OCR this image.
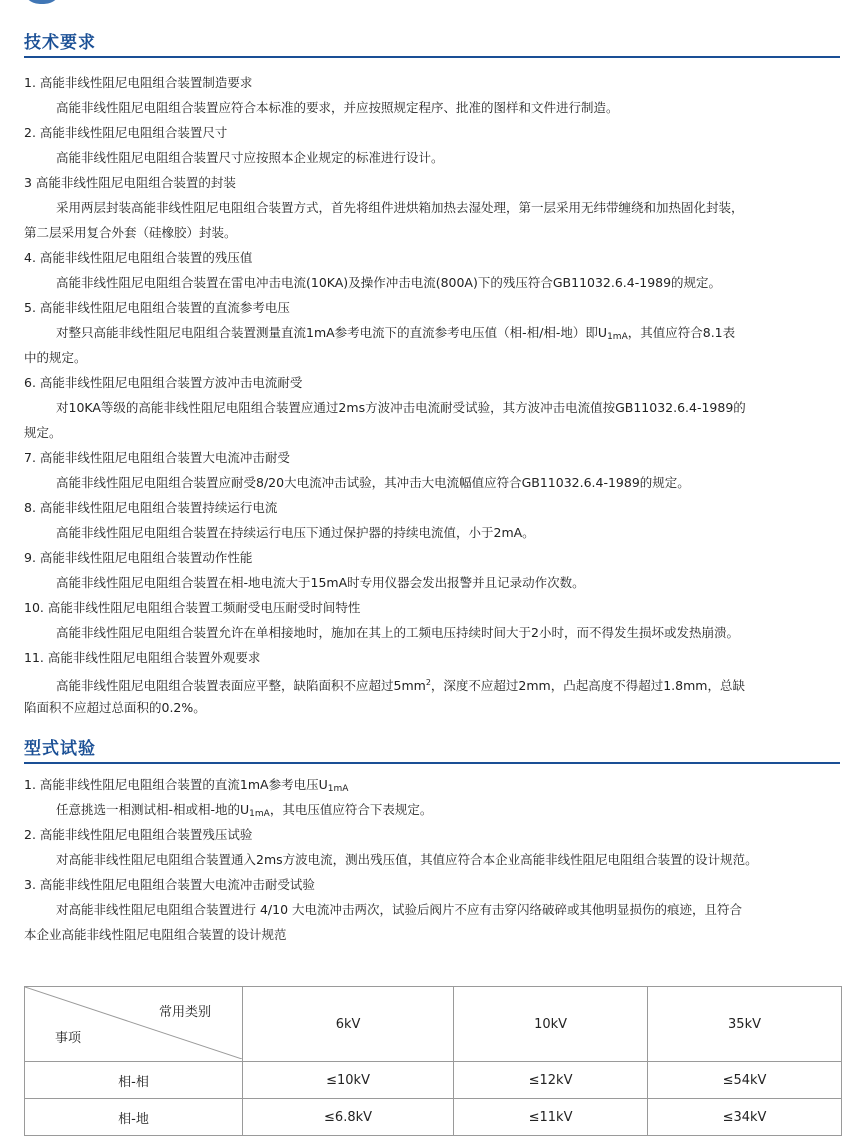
技术要求
1. 高能非线性阻尼电阻组合装置制造要求
高能非线性阻尼电阻组合装置应符合本标准的要求，并应按照规定程序、批准的图样和文件进行制造。
2. 高能非线性阻尼电阻组合装置尺寸
高能非线性阻尼电阻组合装置尺寸应按照本企业规定的标准进行设计。
3 高能非线性阻尼电阻组合装置的封装
采用两层封装高能非线性阻尼电阻组合装置方式，首先将组件进烘箱加热去湿处理，第一层采用无纬带缠绕和加热固化封装，
第二层采用复合外套（硅橡胶）封装。
4. 高能非线性阻尼电阻组合装置的残压值
高能非线性阻尼电阻组合装置在雷电冲击电流(10KA)及操作冲击电流(800A)下的残压符合GB11032.6.4-1989的规定。
5. 高能非线性阻尼电阻组合装置的直流参考电压
对整只高能非线性阻尼电阻组合装置测量直流1mA参考电流下的直流参考电压值（相-相/相-地）即$U_{1mA}$，其值应符合8.1表
中的规定。
6. 高能非线性阻尼电阻组合装置方波冲击电流耐受
对10KA等级的高能非线性阻尼电阻组合装置应通过2ms方波冲击电流耐受试验，其方波冲击电流值按GB11032.6.4-1989的
规定。
7. 高能非线性阻尼电阻组合装置大电流冲击耐受
高能非线性阻尼电阻组合装置应耐受8/20大电流冲击试验，其冲击大电流幅值应符合GB11032.6.4-1989的规定。
8. 高能非线性阻尼电阻组合装置持续运行电流
高能非线性阻尼电阻组合装置在持续运行电压下通过保护器的持续电流值，小于2mA。
9. 高能非线性阻尼电阻组合装置动作性能
高能非线性阻尼电阻组合装置在相-地电流大于15mA时专用仪器会发出报警并且记录动作次数。
10. 高能非线性阻尼电阻组合装置工频耐受电压耐受时间特性
高能非线性阻尼电阻组合装置允许在单相接地时，施加在其上的工频电压持续时间大于2小时，而不得发生损坏或发热崩溃。
11. 高能非线性阻尼电阻组合装置外观要求
高能非线性阻尼电阻组合装置表面应平整，缺陷面积不应超过$5mm^2$，深度不应超过2mm，凸起高度不得超过1.8mm，总缺
陷面积不应超过总面积的0.2%。
型式试验
1. 高能非线性阻尼电阻组合装置的直流1mA参考电压$U_{1mA}$
任意挑选一相测试相-相或相-地的$U_{1mA}$，其电压值应符合下表规定。
2. 高能非线性阻尼电阻组合装置残压试验
对高能非线性阻尼电阻组合装置通入2ms方波电流，测出残压值，其值应符合本企业高能非线性阻尼电阻组合装置的设计规范。
3. 高能非线性阻尼电阻组合装置大电流冲击耐受试验
对高能非线性阻尼电阻组合装置进行 4/10 大电流冲击两次，试验后阀片不应有击穿闪络破碎或其他明显损伤的痕迹，且符合
本企业高能非线性阻尼电阻组合装置的设计规范
常用类别
事项	6kV	10kV	35kV
相-相	≤10kV	≤12kV	≤54kV
相-地	≤6.8kV	≤11kV	≤34kV
